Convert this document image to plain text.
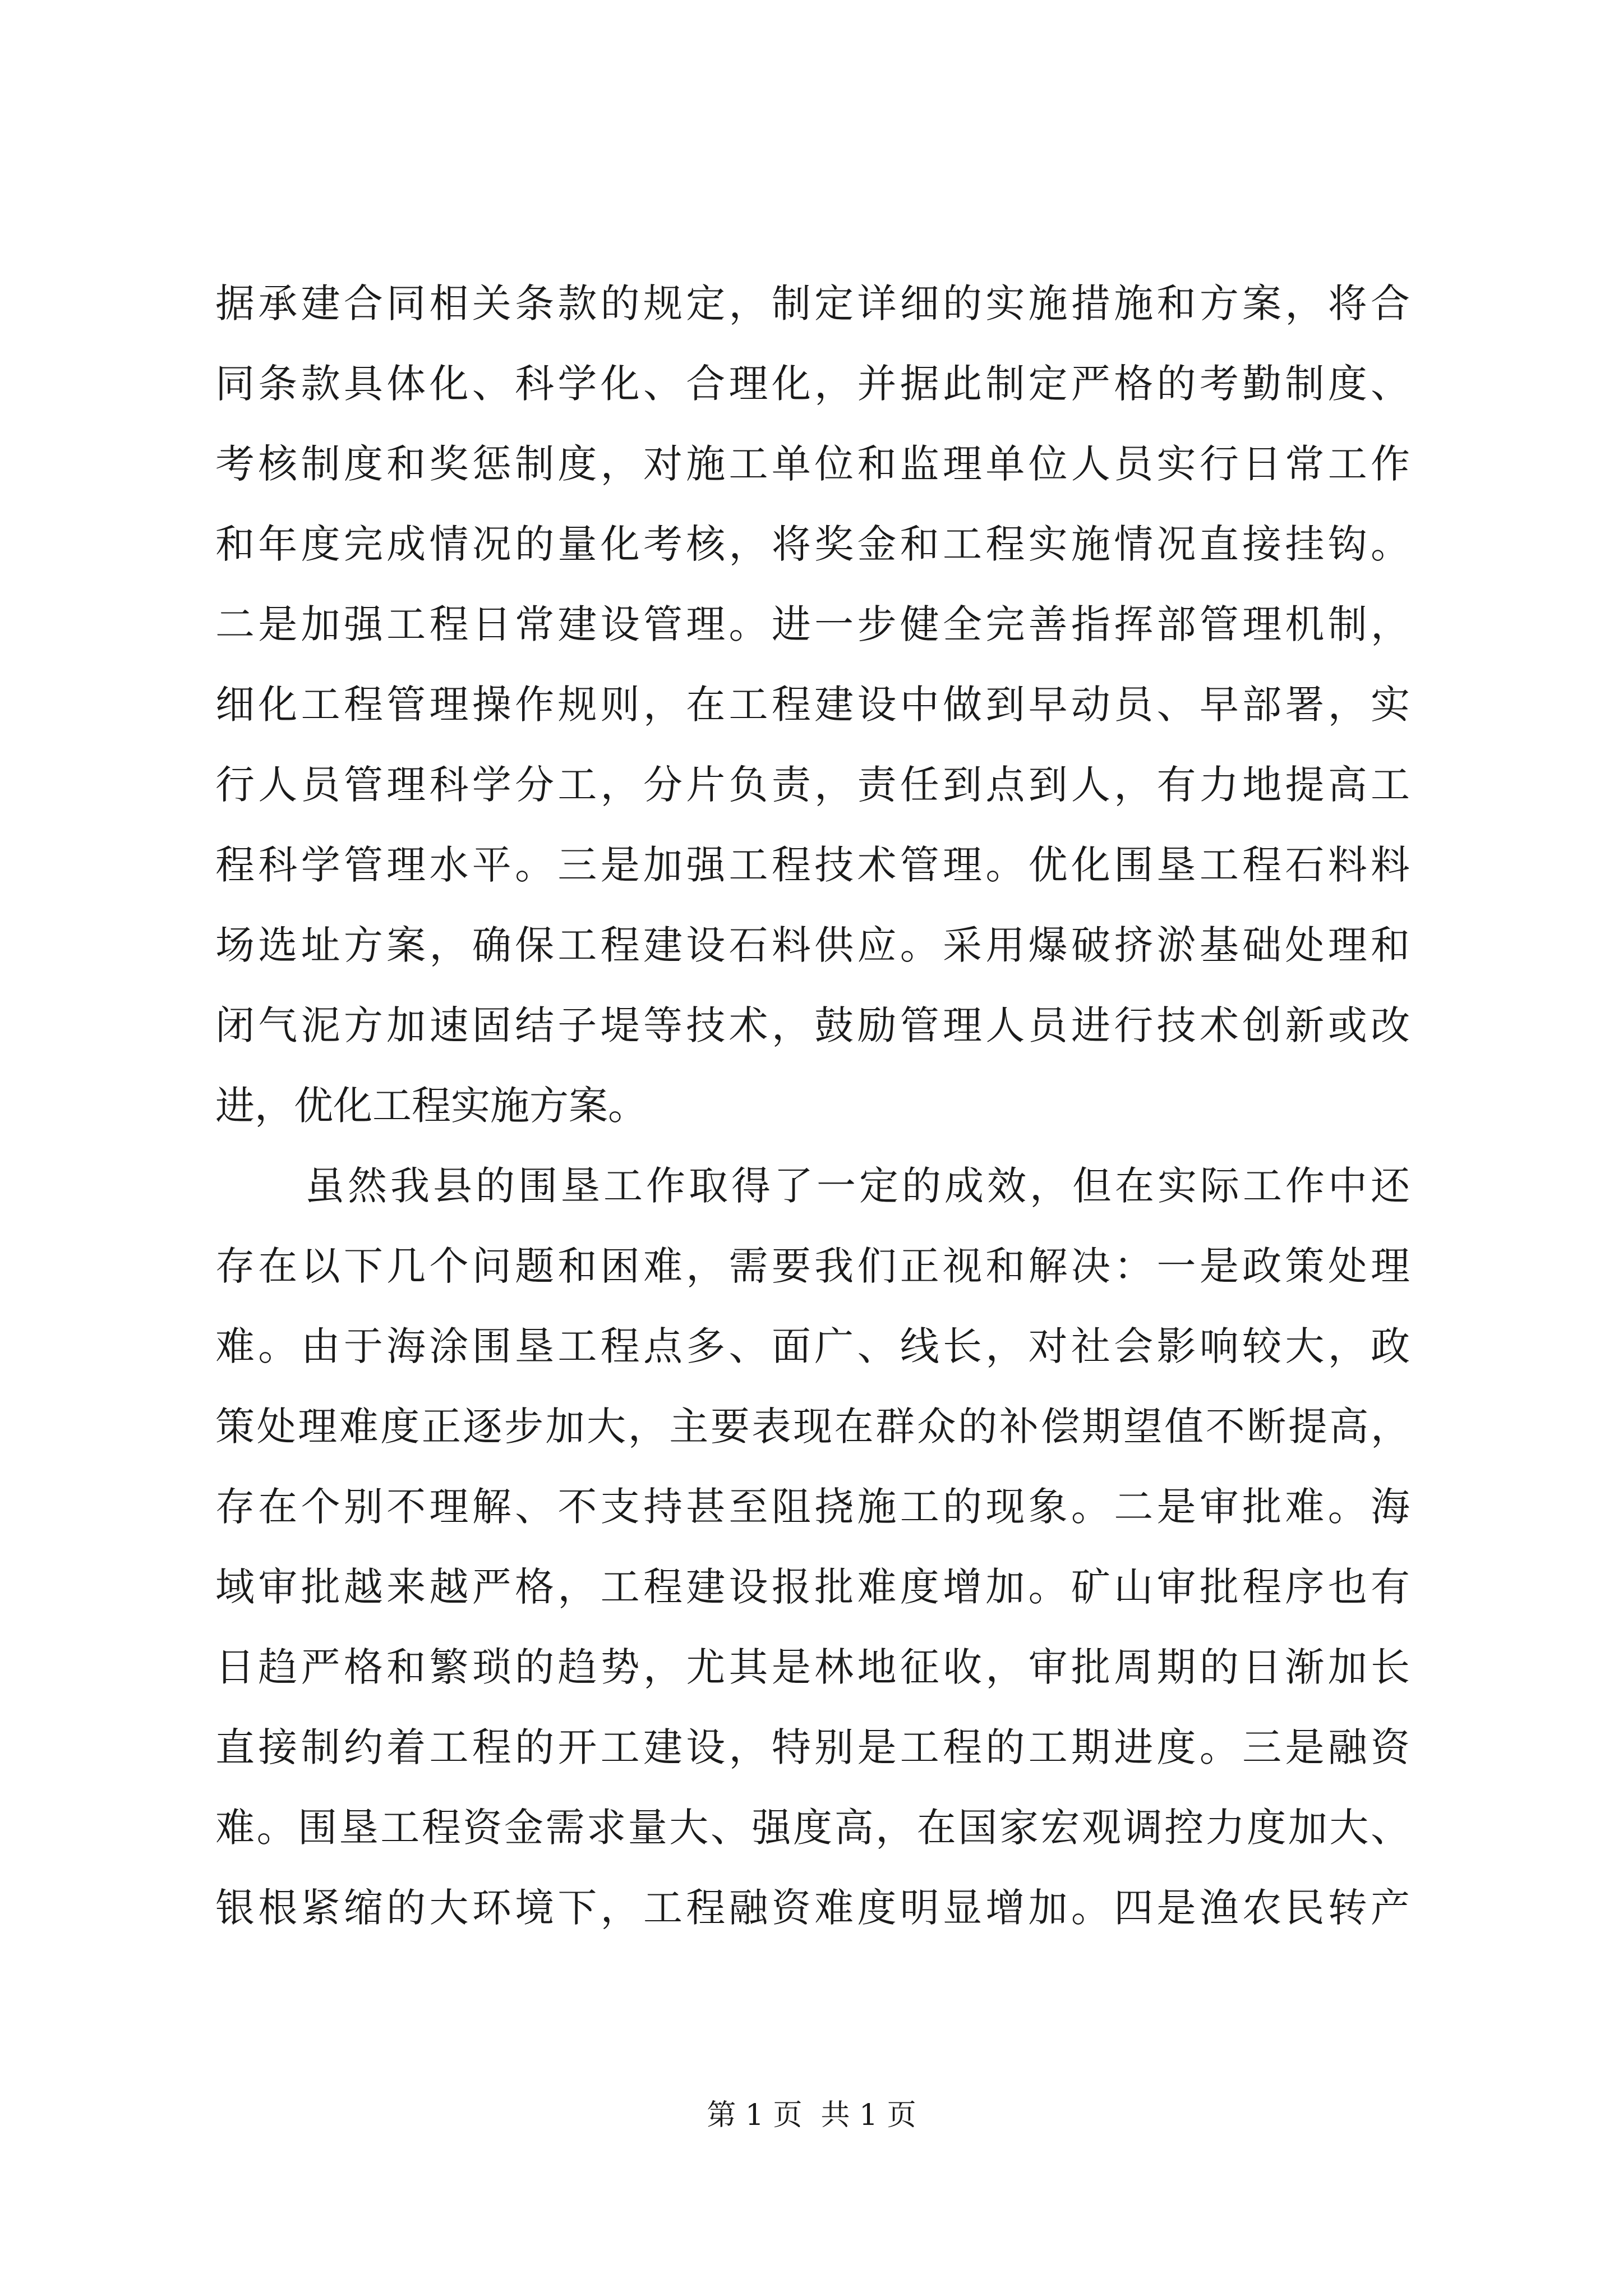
据承建合同相关条款的规定，制定详细的实施措施和方案，将合
同条款具体化、科学化、合理化，并据此制定严格的考勤制度、
考核制度和奖惩制度，对施工单位和监理单位人员实行日常工作
和年度完成情况的量化考核，将奖金和工程实施情况直接挂钩。
二是加强工程日常建设管理。进一步健全完善指挥部管理机制，
细化工程管理操作规则，在工程建设中做到早动员、早部署，实
行人员管理科学分工，分片负责，责任到点到人，有力地提高工
程科学管理水平。三是加强工程技术管理。优化围垦工程石料料
场选址方案，确保工程建设石料供应。采用爆破挤淤基础处理和
闭气泥方加速固结子堤等技术，鼓励管理人员进行技术创新或改
进，优化工程实施方案。
虽然我县的围垦工作取得了一定的成效，但在实际工作中还
存在以下几个问题和困难，需要我们正视和解决：一是政策处理
难。由于海涂围垦工程点多、面广、线长，对社会影响较大，政
策处理难度正逐步加大，主要表现在群众的补偿期望值不断提高，
存在个别不理解、不支持甚至阻挠施工的现象。二是审批难。海
域审批越来越严格，工程建设报批难度增加。矿山审批程序也有
日趋严格和繁琐的趋势，尤其是林地征收，审批周期的日渐加长
直接制约着工程的开工建设，特别是工程的工期进度。三是融资
难。围垦工程资金需求量大、强度高，在国家宏观调控力度加大、
银根紧缩的大环境下，工程融资难度明显增加。四是渔农民转产
第 1 页  共 1 页
